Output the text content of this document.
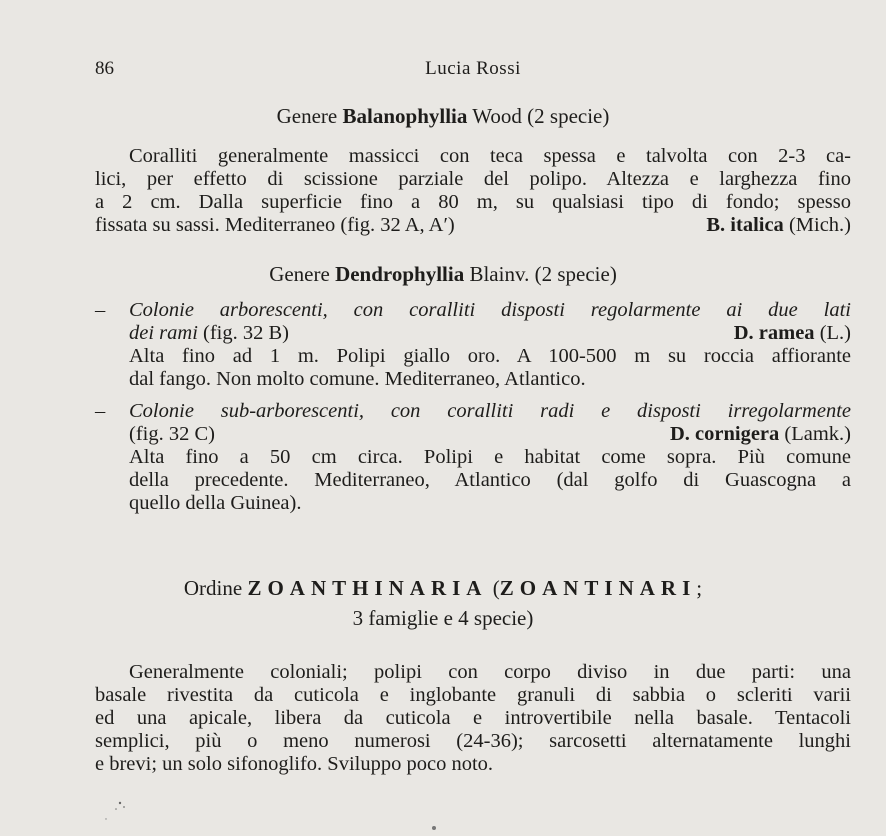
86	Lucia Rossi
Genere Balanophyllia Wood (2 specie)
Coralliti generalmente massicci con teca spessa e talvolta con 2-3 ca-
lici, per effetto di scissione parziale del polipo. Altezza e larghezza fino
a 2 cm. Dalla superficie fino a 80 m, su qualsiasi tipo di fondo; spesso
fissata su sassi. Mediterraneo (fig. 32 A, A′)	B. italica (Mich.)
Genere Dendrophyllia Blainv. (2 specie)
– Colonie arborescenti, con coralliti disposti regolarmente ai due lati
dei rami (fig. 32 B)	D. ramea (L.)
Alta fino ad 1 m. Polipi giallo oro. A 100-500 m su roccia affiorante
dal fango. Non molto comune. Mediterraneo, Atlantico.
– Colonie sub-arborescenti, con coralliti radi e disposti irregolarmente
(fig. 32 C)	D. cornigera (Lamk.)
Alta fino a 50 cm circa. Polipi e habitat come sopra. Più comune
della precedente. Mediterraneo, Atlantico (dal golfo di Guascogna a
quello della Guinea).
Ordine ZOANTHINARIA (ZOANTINARI;
3 famiglie e 4 specie)
Generalmente coloniali; polipi con corpo diviso in due parti: una
basale rivestita da cuticola e inglobante granuli di sabbia o scleriti varii
ed una apicale, libera da cuticola e introvertibile nella basale. Tentacoli
semplici, più o meno numerosi (24-36); sarcosetti alternatamente lunghi
e brevi; un solo sifonoglifo. Sviluppo poco noto.
